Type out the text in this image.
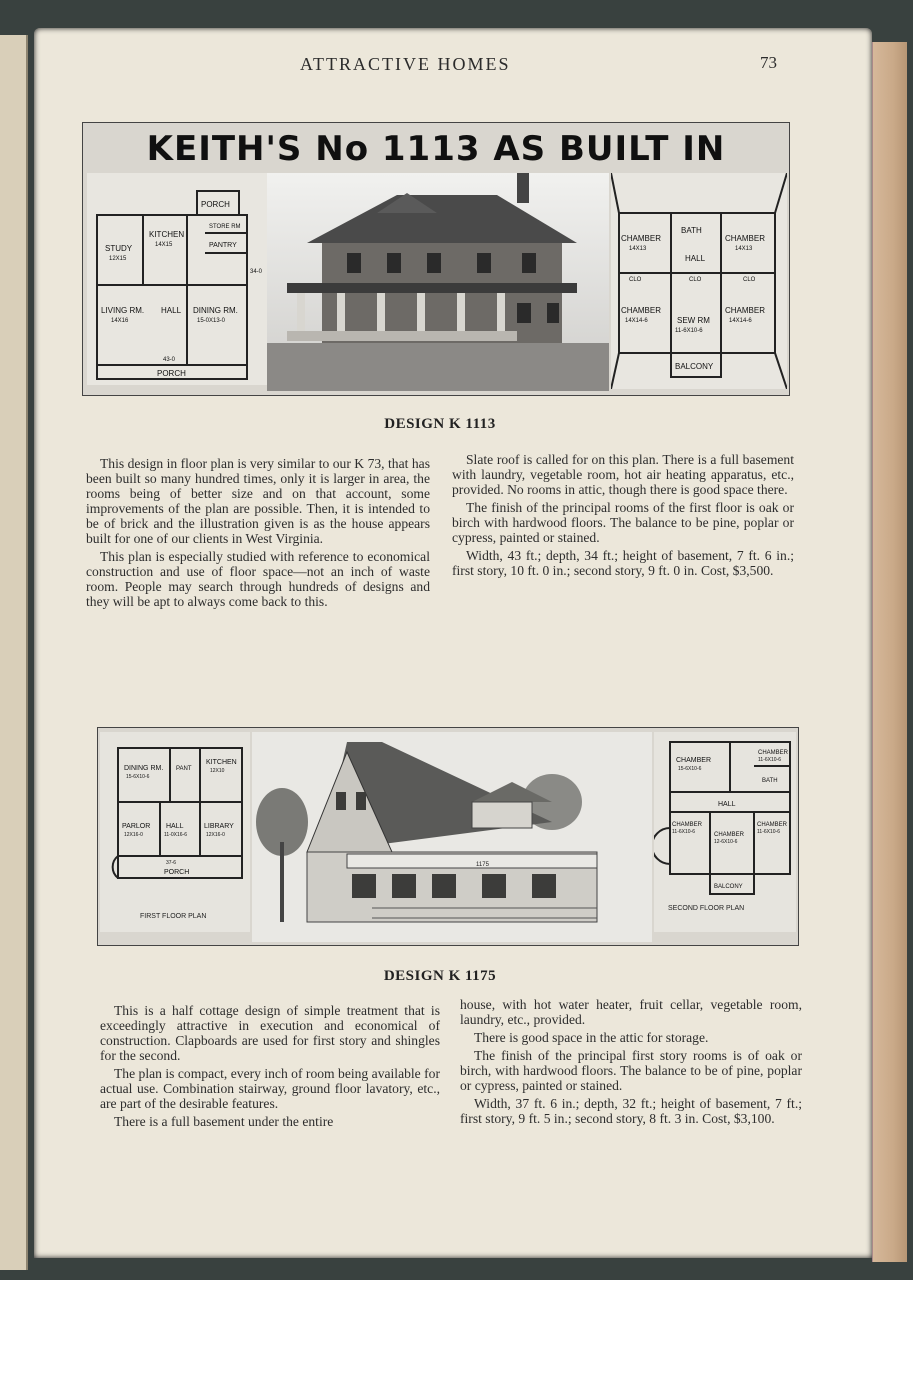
ATTRACTIVE HOMES	73
KEITH'S No 1113 AS BUILT IN
PORCH
STUDY
12X15
KITCHEN
14X15
STORE RM
PANTRY
LIVING RM.
14X16
HALL DINING RM.
15-0X13-0
43-0
PORCH
34-0
CHAMBER
14X13
BATH
CHAMBER
14X13
HALL
CLO	CLO	CLO
CHAMBER
14X14-6	SEW RM
11-6X10-6
CHAMBER
14X14-6
BALCONY
DESIGN K 1113

This design in floor plan is very similar to our K 73, that has been built so many hundred times, only it is larger in area, the rooms being of better size and on that account, some improvements of the plan are possible. Then, it is intended to be of brick and the illustration given is as the house appears built for one of our clients in West Virginia.

This plan is especially studied with reference to economical construction and use of floor space—not an inch of waste room. People may search through hundreds of designs and they will be apt to always come back to this.

Slate roof is called for on this plan. There is a full basement with laundry, vegetable room, hot air heating apparatus, etc., provided. No rooms in attic, though there is good space there.

The finish of the principal rooms of the first floor is oak or birch with hardwood floors. The balance to be pine, poplar or cypress, painted or stained.

Width, 43 ft.; depth, 34 ft.; height of basement, 7 ft. 6 in.; first story, 10 ft. 0 in.; second story, 9 ft. 0 in. Cost, $3,500.

DINING RM.
15-6X10-6
PANT
KITCHEN
12X10
PARLOR
12X16-0
HALL
11-0X16-6
LIBRARY
12X16-0
37-6
PORCH
FIRST FLOOR PLAN
1175
CHAMBER
15-6X10-6
CHAMBER
11-6X10-6
BATH
HALL
CHAMBER
11-6X10-6	CHAMBER
12-6X10-6
CHAMBER
11-6X10-6
BALCONY
SECOND FLOOR PLAN
DESIGN K 1175

This is a half cottage design of simple treatment that is exceedingly attractive in execution and economical of construction. Clapboards are used for first story and shingles for the second.

The plan is compact, every inch of room being available for actual use. Combination stairway, ground floor lavatory, etc., are part of the desirable features.

There is a full basement under the entire

house, with hot water heater, fruit cellar, vegetable room, laundry, etc., provided.

There is good space in the attic for storage.

The finish of the principal first story rooms is of oak or birch, with hardwood floors. The balance to be of pine, poplar or cypress, painted or stained.

Width, 37 ft. 6 in.; depth, 32 ft.; height of basement, 7 ft.; first story, 9 ft. 5 in.; second story, 8 ft. 3 in. Cost, $3,100.
